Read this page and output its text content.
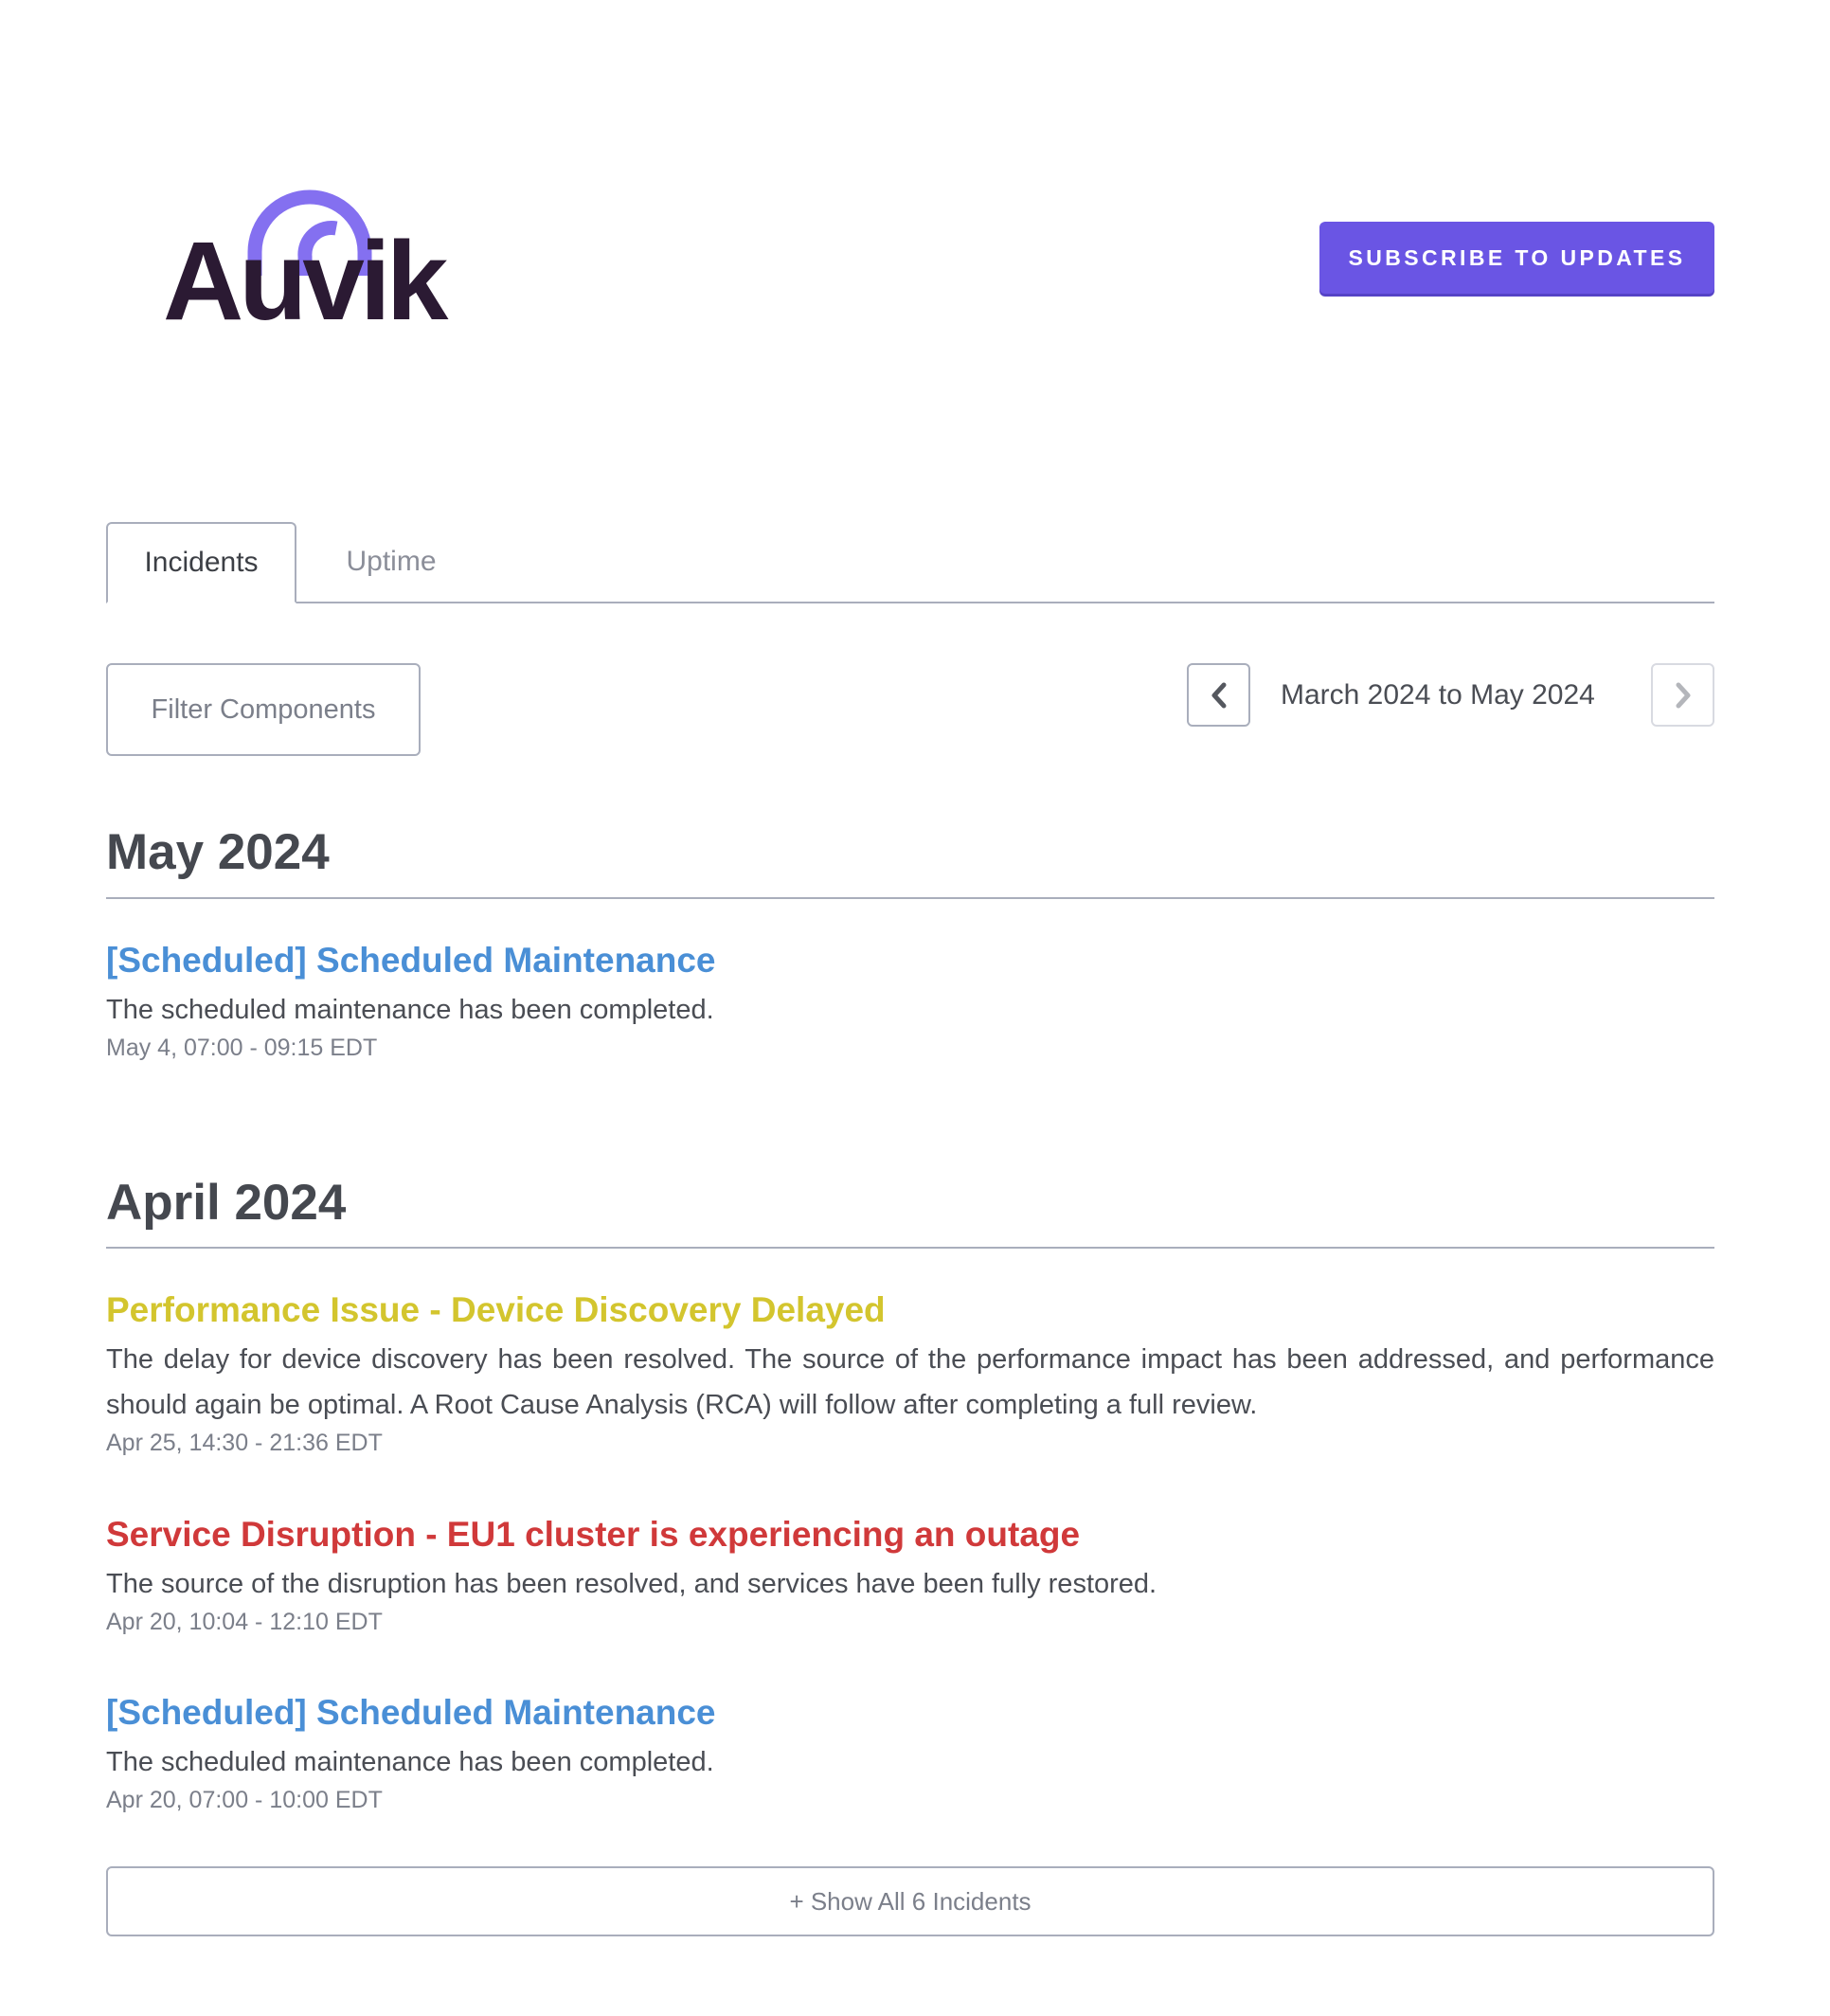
Auvik	SUBSCRIBE TO UPDATES
Incidents	Uptime
Filter Components	March 2024 to May 2024
May 2024
[Scheduled] Scheduled Maintenance
The scheduled maintenance has been completed.
May 4, 07:00 - 09:15 EDT
April 2024
Performance Issue - Device Discovery Delayed
The delay for device discovery has been resolved. The source of the performance impact has been addressed, and performance should again be optimal. A Root Cause Analysis (RCA) will follow after completing a full review.
Apr 25, 14:30 - 21:36 EDT
Service Disruption - EU1 cluster is experiencing an outage
The source of the disruption has been resolved, and services have been fully restored.
Apr 20, 10:04 - 12:10 EDT
[Scheduled] Scheduled Maintenance
The scheduled maintenance has been completed.
Apr 20, 07:00 - 10:00 EDT
+ Show All 6 Incidents
